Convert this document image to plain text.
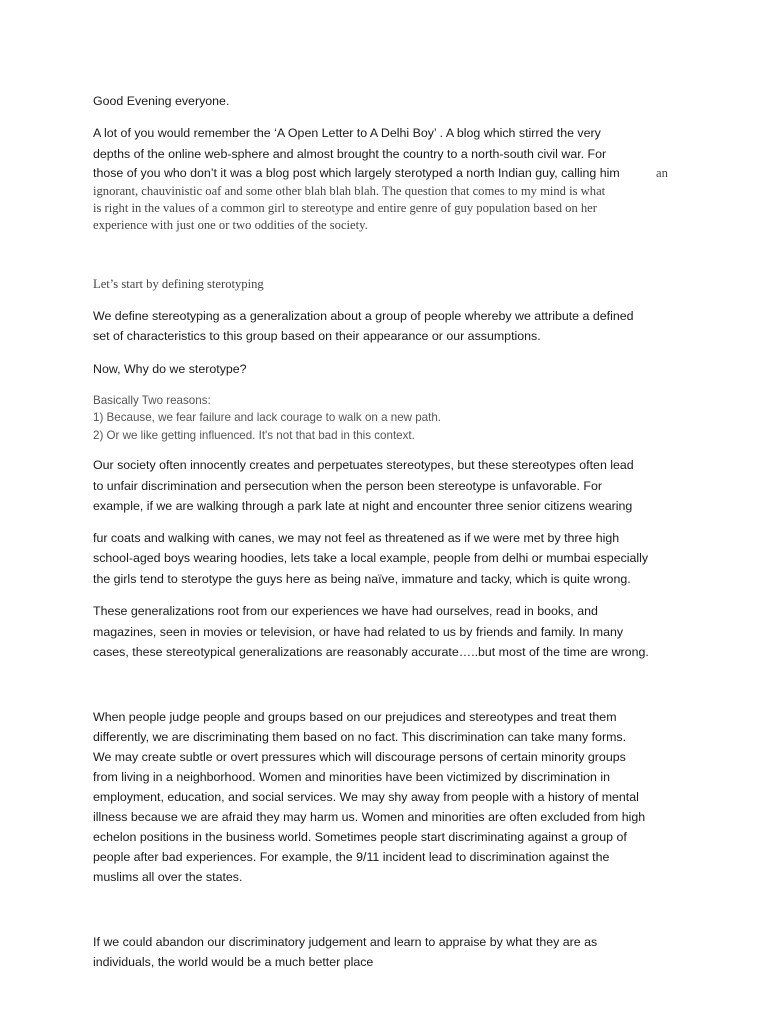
Good Evening everyone.
A lot of you would remember the ‘A Open Letter to A Delhi Boy’ . A blog which stirred the very
depths of the online web-sphere and almost brought the country to a north-south civil war. For
those of you who don’t it was a blog post which largely sterotyped a north Indian guy, calling him	an
ignorant, chauvinistic oaf and some other blah blah blah. The question that comes to my mind is what
is right in the values of a common girl to stereotype and entire genre of guy population based on her
experience with just one or two oddities of the society.
Let’s start by defining sterotyping
We define stereotyping as a generalization about a group of people whereby we attribute a defined
set of characteristics to this group based on their appearance or our assumptions.
Now, Why do we sterotype?
Basically Two reasons:
1) Because, we fear failure and lack courage to walk on a new path.
2) Or we like getting influenced. It's not that bad in this context.
Our society often innocently creates and perpetuates stereotypes, but these stereotypes often lead
to unfair discrimination and persecution when the person been stereotype is unfavorable. For
example, if we are walking through a park late at night and encounter three senior citizens wearing
fur coats and walking with canes, we may not feel as threatened as if we were met by three high
school-aged boys wearing hoodies, lets take a local example, people from delhi or mumbai especially
the girls tend to sterotype the guys here as being naïve, immature and tacky, which is quite wrong.
These generalizations root from our experiences we have had ourselves, read in books, and
magazines, seen in movies or television, or have had related to us by friends and family. In many
cases, these stereotypical generalizations are reasonably accurate…..but most of the time are wrong.
When people judge people and groups based on our prejudices and stereotypes and treat them
differently, we are discriminating them based on no fact. This discrimination can take many forms.
We may create subtle or overt pressures which will discourage persons of certain minority groups
from living in a neighborhood. Women and minorities have been victimized by discrimination in
employment, education, and social services. We may shy away from people with a history of mental
illness because we are afraid they may harm us. Women and minorities are often excluded from high
echelon positions in the business world. Sometimes people start discriminating against a group of
people after bad experiences. For example, the 9/11 incident lead to discrimination against the
muslims all over the states.
If we could abandon our discriminatory judgement and learn to appraise by what they are as
individuals, the world would be a much better place
